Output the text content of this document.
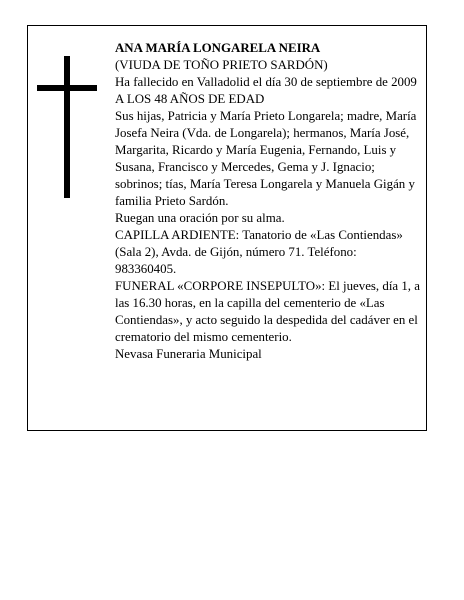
ANA MARÍA LONGARELA NEIRA

(VIUDA DE TOÑO PRIETO SARDÓN)

Ha fallecido en Valladolid el día 30 de septiembre de 2009

A LOS 48 AÑOS DE EDAD

Sus hijas, Patricia y María Prieto Longarela; madre, María Josefa Neira (Vda. de Longarela); hermanos, María José, Margarita, Ricardo y María Eugenia, Fernando, Luis y Susana, Francisco y Mercedes, Gema y J. Ignacio; sobrinos; tías, María Teresa Longarela y Manuela Gigán y familia Prieto Sardón.

Ruegan una oración por su alma.

CAPILLA ARDIENTE: Tanatorio de «Las Contiendas» (Sala 2), Avda. de Gijón, número 71. Teléfono: 983360405.

FUNERAL «CORPORE INSEPULTO»: El jueves, día 1, a las 16.30 horas, en la capilla del cementerio de «Las Contiendas», y acto seguido la despedida del cadáver en el crematorio del mismo cementerio.

Nevasa Funeraria Municipal
